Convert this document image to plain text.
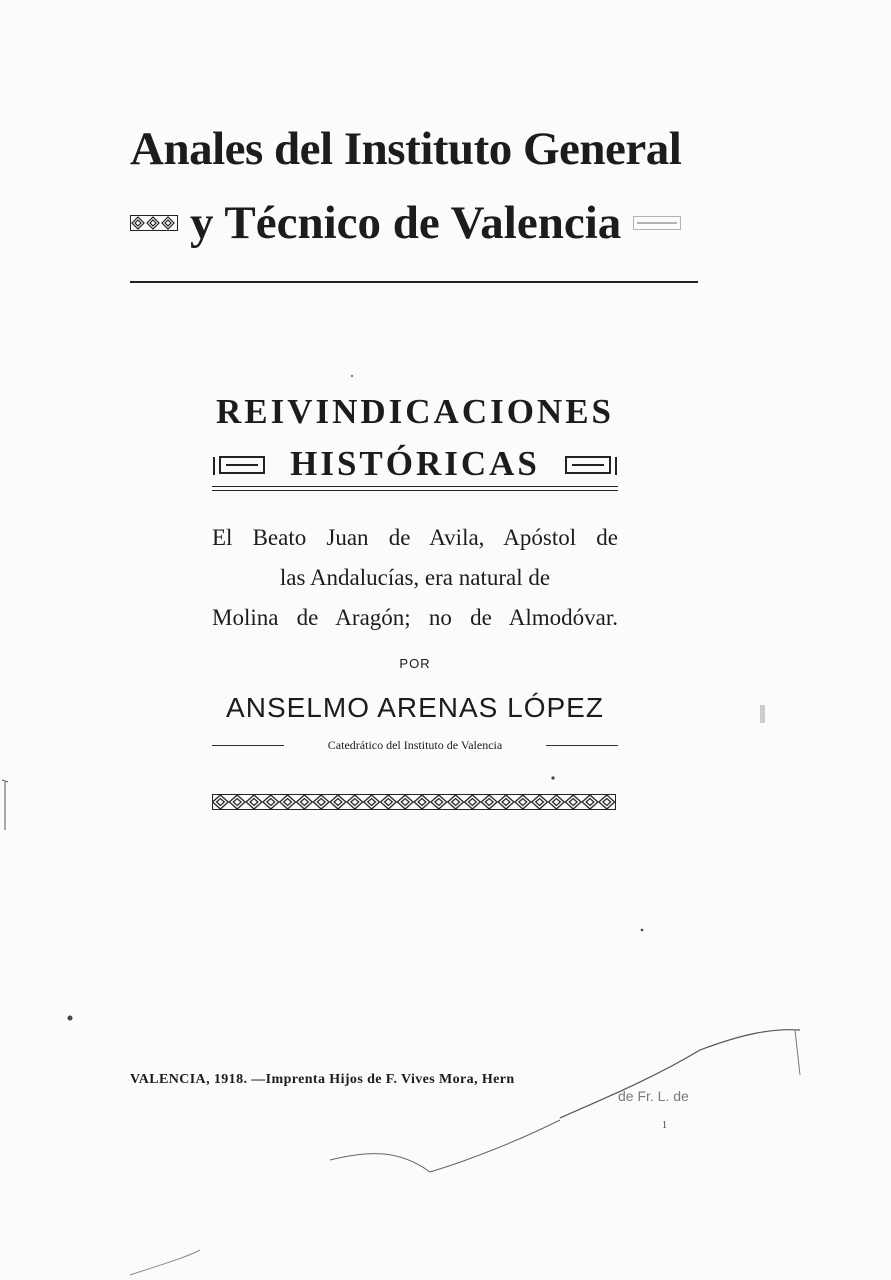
Anales del Instituto General
y Técnico de Valencia
REIVINDICACIONES
HISTÓRICAS
El Beato Juan de Avila, Apóstol de
las Andalucías, era natural de
Molina de Aragón; no de Almodóvar.
POR
ANSELMO ARENAS LÓPEZ
Catedrático del Instituto de Valencia
VALENCIA, 1918. —Imprenta Hijos de F. Vives Mora, Hern
de Fr. L. de
1
